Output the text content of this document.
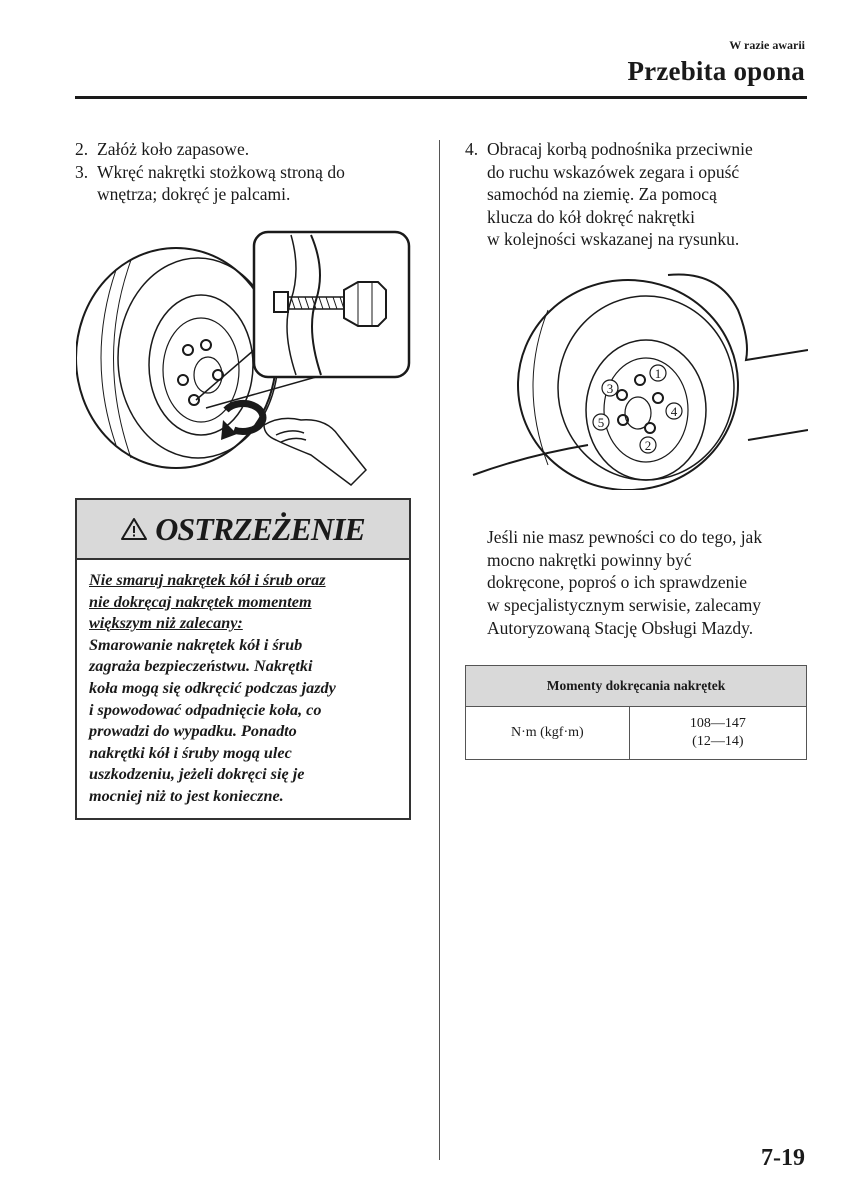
W razie awarii
Przebita opona
2. Załóż koło zapasowe.
3. Wkręć nakrętki stożkową stroną do
wnętrza; dokręć je palcami.
OSTRZEŻENIE
Nie smaruj nakrętek kół i śrub oraz
nie dokręcaj nakrętek momentem
większym niż zalecany:
Smarowanie nakrętek kół i śrub
zagraża bezpieczeństwu. Nakrętki
koła mogą się odkręcić podczas jazdy
i spowodować odpadnięcie koła, co
prowadzi do wypadku. Ponadto
nakrętki kół i śruby mogą ulec
uszkodzeniu, jeżeli dokręci się je
mocniej niż to jest konieczne.
4. Obracaj korbą podnośnika przeciwnie
do ruchu wskazówek zegara i opuść
samochód na ziemię. Za pomocą
klucza do kół dokręć nakrętki
w kolejności wskazanej na rysunku.
1
3
4
5
2
Jeśli nie masz pewności co do tego, jak
mocno nakrętki powinny być
dokręcone, poproś o ich sprawdzenie
w specjalistycznym serwisie, zalecamy
Autoryzowaną Stację Obsługi Mazdy.
Momenty dokręcania nakrętek
N·m (kgf·m)	108—147
(12—14)
7-19
